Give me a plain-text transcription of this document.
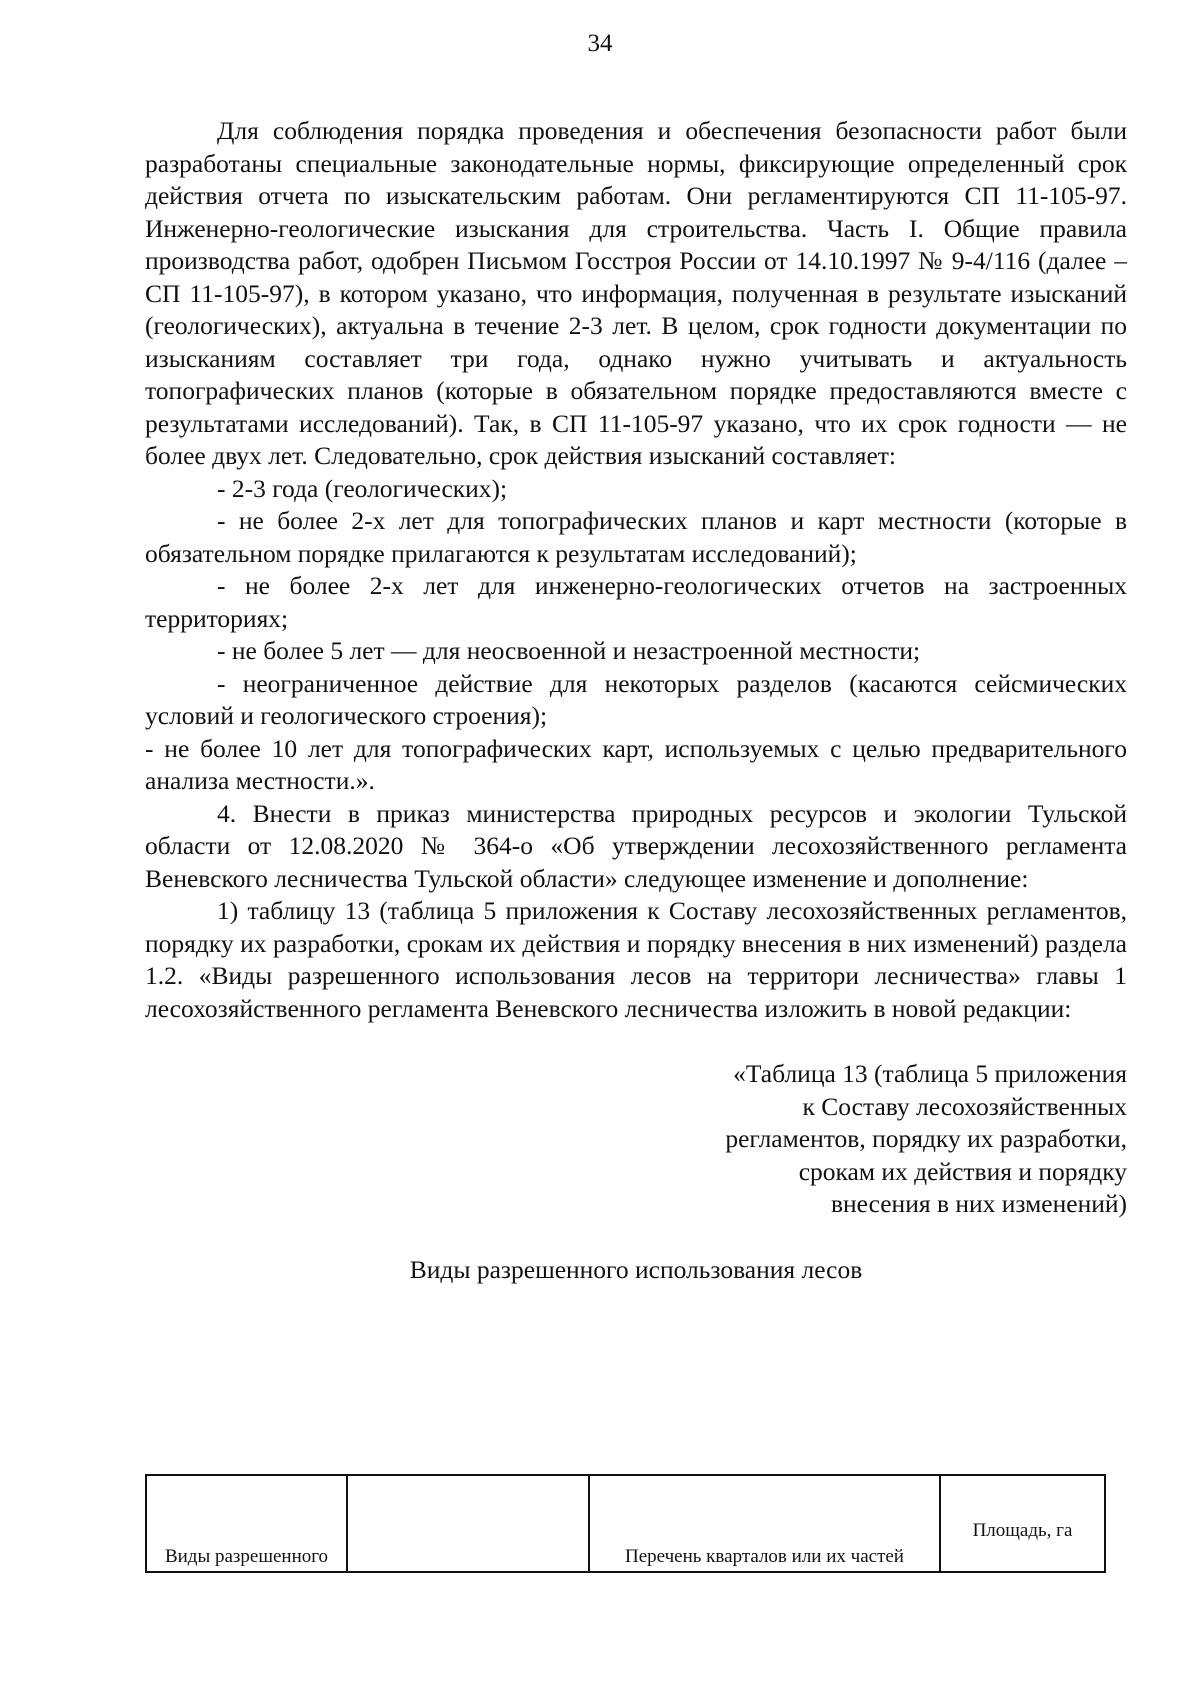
34

Для соблюдения порядка проведения и обеспечения безопасности работ были разработаны специальные законодательные нормы, фиксирующие определенный срок действия отчета по изыскательским работам. Они регламентируются СП 11-105-97. Инженерно-геологические изыскания для строительства. Часть I. Общие правила производства работ, одобрен Письмом Госстроя России от 14.10.1997 № 9-4/116 (далее – СП 11-105-97), в котором указано, что информация, полученная в результате изысканий (геологических), актуальна в течение 2-3 лет. В целом, срок годности документации по изысканиям составляет три года, однако нужно учитывать и актуальность топографических планов (которые в обязательном порядке предоставляются вместе с результатами исследований). Так, в СП 11-105-97 указано, что их срок годности — не более двух лет. Следовательно, срок действия изысканий составляет:

- 2-3 года (геологических);

- не более 2-х лет для топографических планов и карт местности (которые в обязательном порядке прилагаются к результатам исследований);

- не более 2-х лет для инженерно-геологических отчетов на застроенных территориях;

- не более 5 лет — для неосвоенной и незастроенной местности;

- неограниченное действие для некоторых разделов (касаются сейсмических условий и геологического строения);

- не более 10 лет для топографических карт, используемых с целью предварительного анализа местности.».

4. Внести в приказ министерства природных ресурсов и экологии Тульской области от 12.08.2020 № 364-о «Об утверждении лесохозяйственного регламента Веневского лесничества Тульской области» следующее изменение и дополнение:

1) таблицу 13 (таблица 5 приложения к Составу лесохозяйственных регламентов, порядку их разработки, срокам их действия и порядку внесения в них изменений) раздела 1.2. «Виды разрешенного использования лесов на территори лесничества» главы 1 лесохозяйственного регламента Веневского лесничества изложить в новой редакции:

«Таблица 13 (таблица 5 приложения
к Составу лесохозяйственных
регламентов, порядку их разработки,
срокам их действия и порядку
внесения в них изменений)
Виды разрешенного использования лесов
Виды разрешенного		Перечень кварталов или их частей	Площадь, га
